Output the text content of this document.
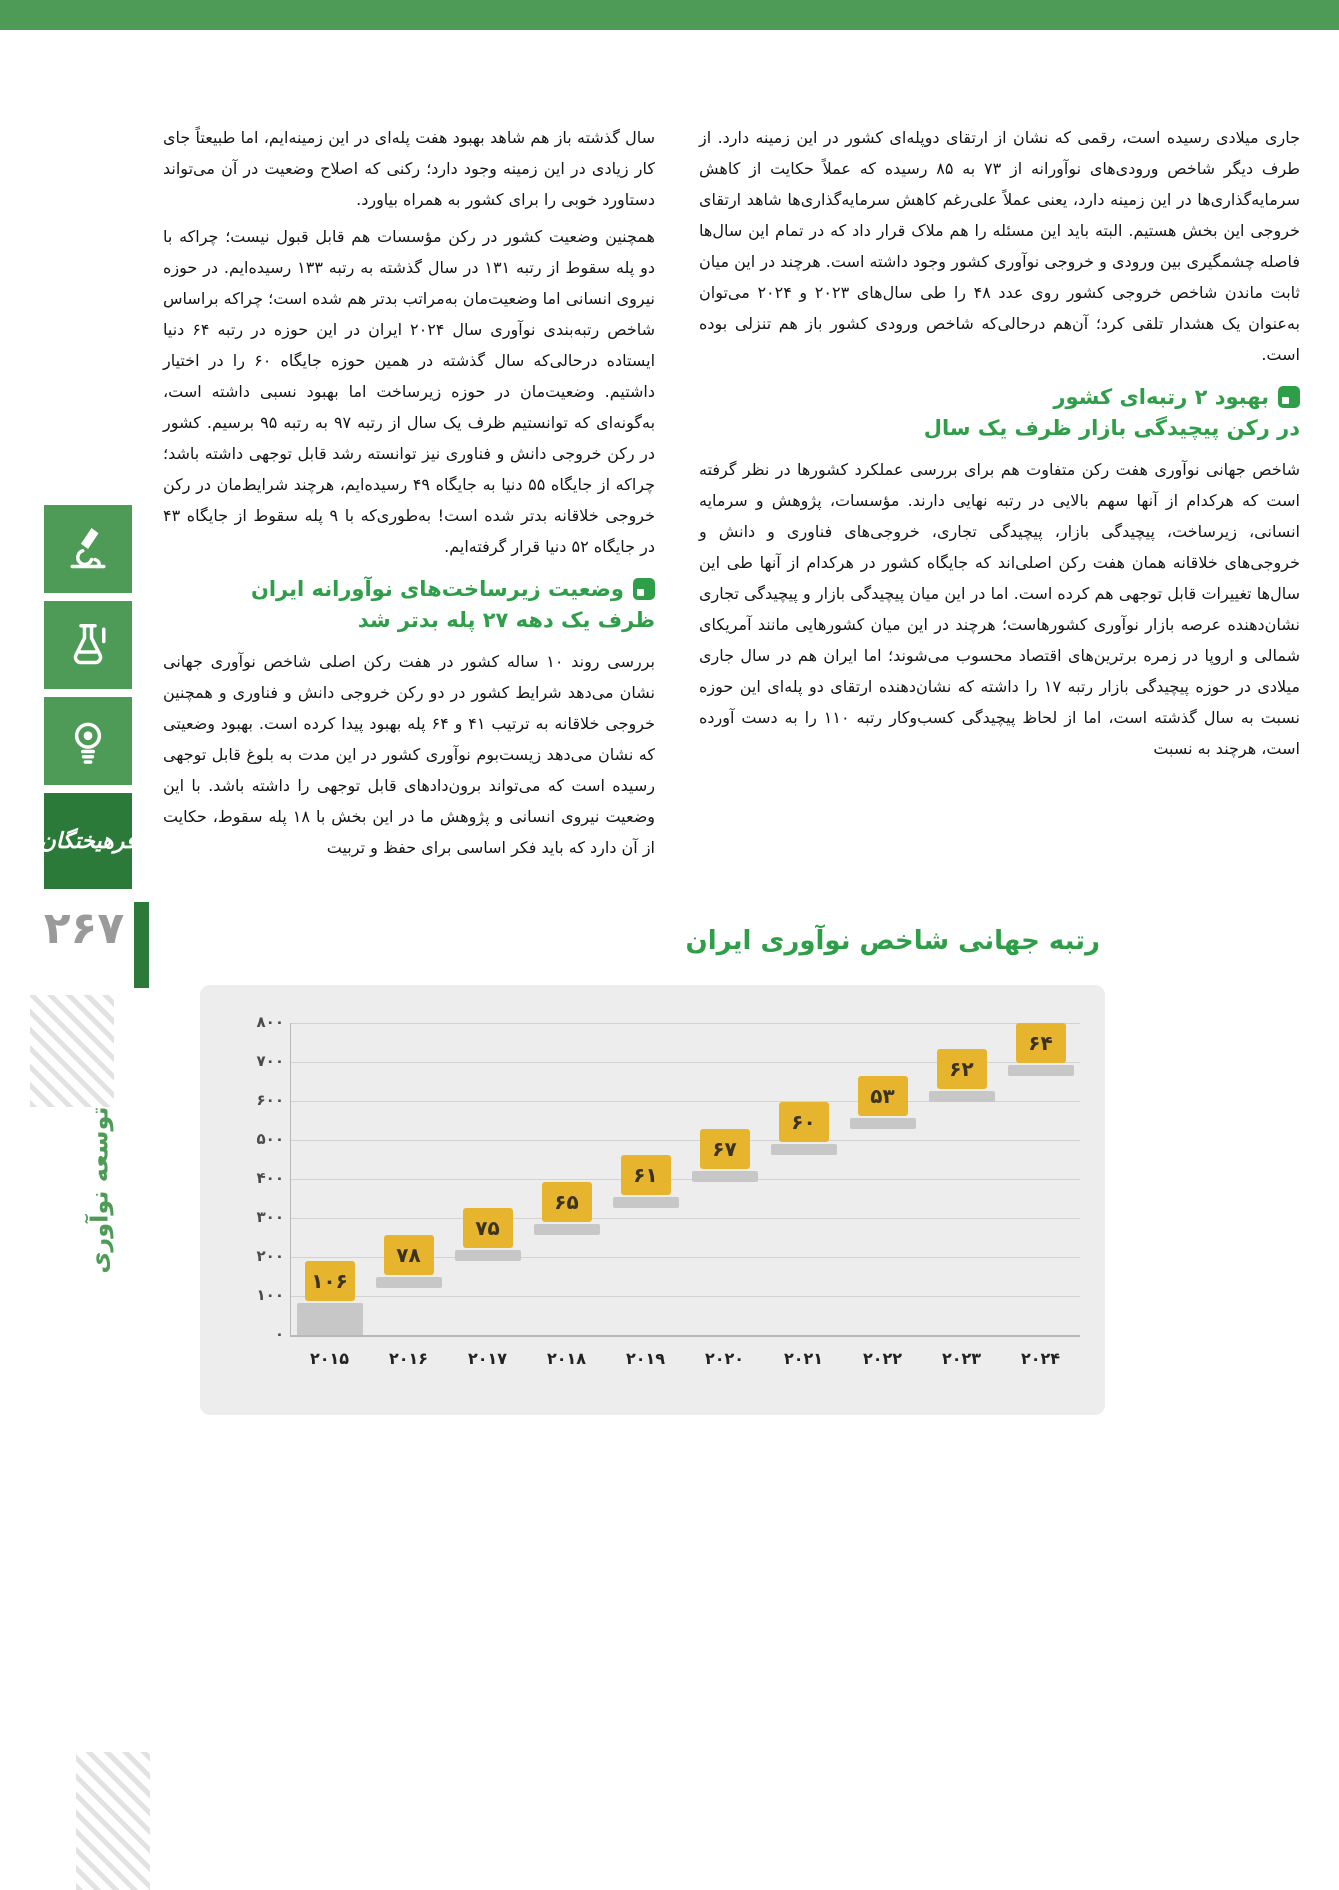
فرهیختگان
۲۶۷
توسعه نوآوری

جاری میلادی رسیده است، رقمی که نشان از ارتقای دوپله‌ای کشور در این زمینه دارد. از طرف دیگر شاخص ورودی‌های نوآورانه از ۷۳ به ۸۵ رسیده که عملاً حکایت از کاهش سرمایه‌گذاری‌ها در این زمینه دارد، یعنی عملاً علی‌رغم کاهش سرمایه‌گذاری‌ها شاهد ارتقای خروجی این بخش هستیم. البته باید این مسئله را هم ملاک قرار داد که در تمام این سال‌ها فاصله چشمگیری بین ورودی و خروجی نوآوری کشور وجود داشته است. هرچند در این میان ثابت ماندن شاخص خروجی کشور روی عدد ۴۸ را طی سال‌های ۲۰۲۳ و ۲۰۲۴ می‌توان به‌عنوان یک هشدار تلقی کرد؛ آن‌هم درحالی‌که شاخص ورودی کشور باز هم تنزلی بوده است.

بهبود ۲ رتبه‌ای کشور
در رکن پیچیدگی بازار ظرف یک سال

شاخص جهانی نوآوری هفت رکن متفاوت هم برای بررسی عملکرد کشورها در نظر گرفته است که هرکدام از آنها سهم بالایی در رتبه نهایی دارند. مؤسسات، پژوهش و سرمایه انسانی، زیرساخت، پیچیدگی بازار، پیچیدگی تجاری، خروجی‌های فناوری و دانش و خروجی‌های خلاقانه همان هفت رکن اصلی‌اند که جایگاه کشور در هرکدام از آنها طی این سال‌ها تغییرات قابل توجهی هم کرده است. اما در این میان پیچیدگی بازار و پیچیدگی تجاری نشان‌دهنده عرصه بازار نوآوری کشورهاست؛ هرچند در این میان کشورهایی مانند آمریکای شمالی و اروپا در زمره برترین‌های اقتصاد محسوب می‌شوند؛ اما ایران هم در سال جاری میلادی در حوزه پیچیدگی بازار رتبه ۱۷ را داشته که نشان‌دهنده ارتقای دو پله‌ای این حوزه نسبت به سال گذشته است، اما از لحاظ پیچیدگی کسب‌وکار رتبه ۱۱۰ را به دست آورده است، هرچند به نسبت

سال گذشته باز هم شاهد بهبود هفت پله‌ای در این زمینه‌ایم، اما طبیعتاً جای کار زیادی در این زمینه وجود دارد؛ رکنی که اصلاح وضعیت در آن می‌تواند دستاورد خوبی را برای کشور به همراه بیاورد.

همچنین وضعیت کشور در رکن مؤسسات هم قابل قبول نیست؛ چراکه با دو پله سقوط از رتبه ۱۳۱ در سال گذشته به رتبه ۱۳۳ رسیده‌ایم. در حوزه نیروی انسانی اما وضعیت‌مان به‌مراتب بدتر هم شده است؛ چراکه براساس شاخص رتبه‌بندی نوآوری سال ۲۰۲۴ ایران در این حوزه در رتبه ۶۴ دنیا ایستاده درحالی‌که سال گذشته در همین حوزه جایگاه ۶۰ را در اختیار داشتیم. وضعیت‌مان در حوزه زیرساخت اما بهبود نسبی داشته است، به‌گونه‌ای که توانستیم ظرف یک سال از رتبه ۹۷ به رتبه ۹۵ برسیم. کشور در رکن خروجی دانش و فناوری نیز توانسته رشد قابل توجهی داشته باشد؛ چراکه از جایگاه ۵۵ دنیا به جایگاه ۴۹ رسیده‌ایم، هرچند شرایط‌مان در رکن خروجی خلاقانه بدتر شده است! به‌طوری‌که با ۹ پله سقوط از جایگاه ۴۳ در جایگاه ۵۲ دنیا قرار گرفته‌ایم.

وضعیت زیرساخت‌های نوآورانه ایران
ظرف یک دهه ۲۷ پله بدتر شد

بررسی روند ۱۰ ساله کشور در هفت رکن اصلی شاخص نوآوری جهانی نشان می‌دهد شرایط کشور در دو رکن خروجی دانش و فناوری و همچنین خروجی خلاقانه به ترتیب ۴۱ و ۶۴ پله بهبود پیدا کرده است. بهبود وضعیتی که نشان می‌دهد زیست‌بوم نوآوری کشور در این مدت به بلوغ قابل توجهی رسیده است که می‌تواند برون‌دادهای قابل توجهی را داشته باشد. با این وضعیت نیروی انسانی و پژوهش ما در این بخش با ۱۸ پله سقوط، حکایت از آن دارد که باید فکر اساسی برای حفظ و تربیت

رتبه جهانی شاخص نوآوری ایران
۸۰۰
۷۰۰
۶۰۰
۵۰۰
۴۰۰
۳۰۰
۲۰۰
۱۰۰
۰
۱۰۶
۲۰۱۵
۷۸
۲۰۱۶
۷۵
۲۰۱۷
۶۵
۲۰۱۸
۶۱
۲۰۱۹
۶۷
۲۰۲۰
۶۰
۲۰۲۱
۵۳
۲۰۲۲
۶۲
۲۰۲۳
۶۴
۲۰۲۴
